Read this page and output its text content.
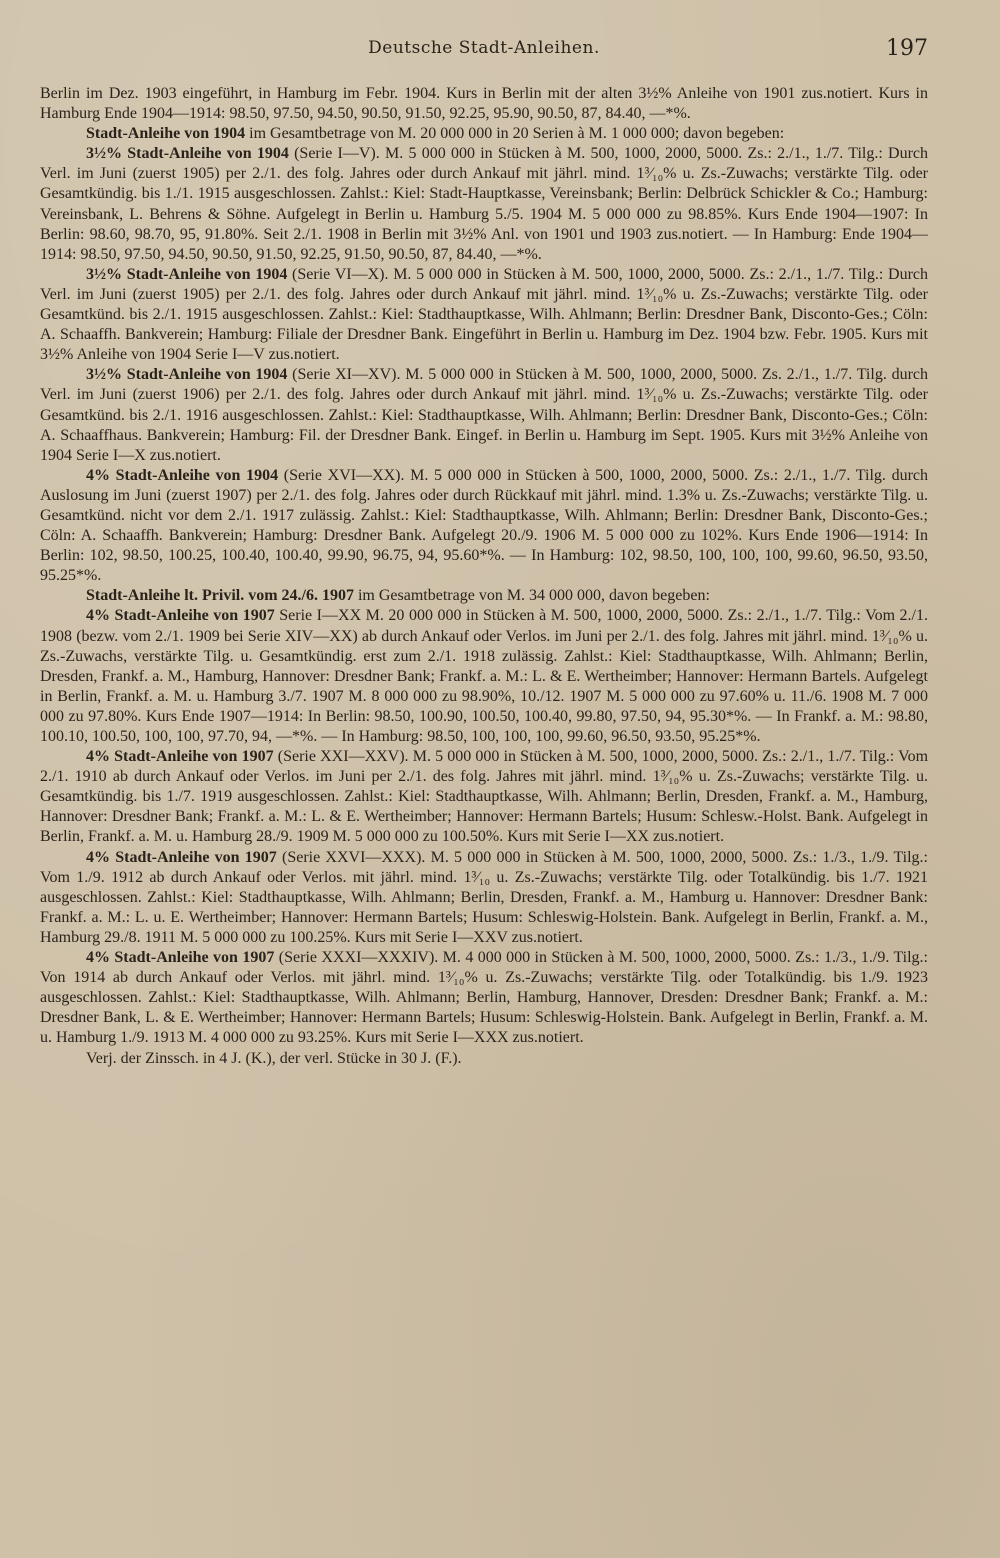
Deutsche Stadt-Anleihen.	197

Berlin im Dez. 1903 eingeführt, in Hamburg im Febr. 1904. Kurs in Berlin mit der alten 3½% Anleihe von 1901 zus.notiert. Kurs in Hamburg Ende 1904—1914: 98.50, 97.50, 94.50, 90.50, 91.50, 92.25, 95.90, 90.50, 87, 84.40, —*%.

Stadt-Anleihe von 1904 im Gesamtbetrage von M. 20 000 000 in 20 Serien à M. 1 000 000; davon begeben:

3½% Stadt-Anleihe von 1904 (Serie I—V). M. 5 000 000 in Stücken à M. 500, 1000, 2000, 5000. Zs.: 2./1., 1./7. Tilg.: Durch Verl. im Juni (zuerst 1905) per 2./1. des folg. Jahres oder durch Ankauf mit jährl. mind. 1³⁄₁₀% u. Zs.-Zuwachs; verstärkte Tilg. oder Gesamtkündig. bis 1./1. 1915 ausgeschlossen. Zahlst.: Kiel: Stadt-Hauptkasse, Vereinsbank; Berlin: Delbrück Schickler & Co.; Hamburg: Vereinsbank, L. Behrens & Söhne. Aufgelegt in Berlin u. Hamburg 5./5. 1904 M. 5 000 000 zu 98.85%. Kurs Ende 1904—1907: In Berlin: 98.60, 98.70, 95, 91.80%. Seit 2./1. 1908 in Berlin mit 3½% Anl. von 1901 und 1903 zus.notiert. — In Hamburg: Ende 1904—1914: 98.50, 97.50, 94.50, 90.50, 91.50, 92.25, 91.50, 90.50, 87, 84.40, —*%.

3½% Stadt-Anleihe von 1904 (Serie VI—X). M. 5 000 000 in Stücken à M. 500, 1000, 2000, 5000. Zs.: 2./1., 1./7. Tilg.: Durch Verl. im Juni (zuerst 1905) per 2./1. des folg. Jahres oder durch Ankauf mit jährl. mind. 1³⁄₁₀% u. Zs.-Zuwachs; verstärkte Tilg. oder Gesamtkünd. bis 2./1. 1915 ausgeschlossen. Zahlst.: Kiel: Stadthauptkasse, Wilh. Ahlmann; Berlin: Dresdner Bank, Disconto-Ges.; Cöln: A. Schaaffh. Bankverein; Hamburg: Filiale der Dresdner Bank. Eingeführt in Berlin u. Hamburg im Dez. 1904 bzw. Febr. 1905. Kurs mit 3½% Anleihe von 1904 Serie I—V zus.notiert.

3½% Stadt-Anleihe von 1904 (Serie XI—XV). M. 5 000 000 in Stücken à M. 500, 1000, 2000, 5000. Zs. 2./1., 1./7. Tilg. durch Verl. im Juni (zuerst 1906) per 2./1. des folg. Jahres oder durch Ankauf mit jährl. mind. 1³⁄₁₀% u. Zs.-Zuwachs; verstärkte Tilg. oder Gesamtkünd. bis 2./1. 1916 ausgeschlossen. Zahlst.: Kiel: Stadthauptkasse, Wilh. Ahlmann; Berlin: Dresdner Bank, Disconto-Ges.; Cöln: A. Schaaffhaus. Bankverein; Hamburg: Fil. der Dresdner Bank. Eingef. in Berlin u. Hamburg im Sept. 1905. Kurs mit 3½% Anleihe von 1904 Serie I—X zus.notiert.

4% Stadt-Anleihe von 1904 (Serie XVI—XX). M. 5 000 000 in Stücken à 500, 1000, 2000, 5000. Zs.: 2./1., 1./7. Tilg. durch Auslosung im Juni (zuerst 1907) per 2./1. des folg. Jahres oder durch Rückkauf mit jährl. mind. 1.3% u. Zs.-Zuwachs; verstärkte Tilg. u. Gesamtkünd. nicht vor dem 2./1. 1917 zulässig. Zahlst.: Kiel: Stadthauptkasse, Wilh. Ahlmann; Berlin: Dresdner Bank, Disconto-Ges.; Cöln: A. Schaaffh. Bankverein; Hamburg: Dresdner Bank. Aufgelegt 20./9. 1906 M. 5 000 000 zu 102%. Kurs Ende 1906—1914: In Berlin: 102, 98.50, 100.25, 100.40, 100.40, 99.90, 96.75, 94, 95.60*%. — In Hamburg: 102, 98.50, 100, 100, 100, 99.60, 96.50, 93.50, 95.25*%.

Stadt-Anleihe lt. Privil. vom 24./6. 1907 im Gesamtbetrage von M. 34 000 000, davon begeben:

4% Stadt-Anleihe von 1907 Serie I—XX M. 20 000 000 in Stücken à M. 500, 1000, 2000, 5000. Zs.: 2./1., 1./7. Tilg.: Vom 2./1. 1908 (bezw. vom 2./1. 1909 bei Serie XIV—XX) ab durch Ankauf oder Verlos. im Juni per 2./1. des folg. Jahres mit jährl. mind. 1³⁄₁₀% u. Zs.-Zuwachs, verstärkte Tilg. u. Gesamtkündig. erst zum 2./1. 1918 zulässig. Zahlst.: Kiel: Stadthauptkasse, Wilh. Ahlmann; Berlin, Dresden, Frankf. a. M., Hamburg, Hannover: Dresdner Bank; Frankf. a. M.: L. & E. Wertheimber; Hannover: Hermann Bartels. Aufgelegt in Berlin, Frankf. a. M. u. Hamburg 3./7. 1907 M. 8 000 000 zu 98.90%, 10./12. 1907 M. 5 000 000 zu 97.60% u. 11./6. 1908 M. 7 000 000 zu 97.80%. Kurs Ende 1907—1914: In Berlin: 98.50, 100.90, 100.50, 100.40, 99.80, 97.50, 94, 95.30*%. — In Frankf. a. M.: 98.80, 100.10, 100.50, 100, 100, 97.70, 94, —*%. — In Hamburg: 98.50, 100, 100, 100, 99.60, 96.50, 93.50, 95.25*%.

4% Stadt-Anleihe von 1907 (Serie XXI—XXV). M. 5 000 000 in Stücken à M. 500, 1000, 2000, 5000. Zs.: 2./1., 1./7. Tilg.: Vom 2./1. 1910 ab durch Ankauf oder Verlos. im Juni per 2./1. des folg. Jahres mit jährl. mind. 1³⁄₁₀% u. Zs.-Zuwachs; verstärkte Tilg. u. Gesamtkündig. bis 1./7. 1919 ausgeschlossen. Zahlst.: Kiel: Stadthauptkasse, Wilh. Ahlmann; Berlin, Dresden, Frankf. a. M., Hamburg, Hannover: Dresdner Bank; Frankf. a. M.: L. & E. Wertheimber; Hannover: Hermann Bartels; Husum: Schlesw.-Holst. Bank. Aufgelegt in Berlin, Frankf. a. M. u. Hamburg 28./9. 1909 M. 5 000 000 zu 100.50%. Kurs mit Serie I—XX zus.notiert.

4% Stadt-Anleihe von 1907 (Serie XXVI—XXX). M. 5 000 000 in Stücken à M. 500, 1000, 2000, 5000. Zs.: 1./3., 1./9. Tilg.: Vom 1./9. 1912 ab durch Ankauf oder Verlos. mit jährl. mind. 1³⁄₁₀ u. Zs.-Zuwachs; verstärkte Tilg. oder Totalkündig. bis 1./7. 1921 ausgeschlossen. Zahlst.: Kiel: Stadthauptkasse, Wilh. Ahlmann; Berlin, Dresden, Frankf. a. M., Hamburg u. Hannover: Dresdner Bank: Frankf. a. M.: L. u. E. Wertheimber; Hannover: Hermann Bartels; Husum: Schleswig-Holstein. Bank. Aufgelegt in Berlin, Frankf. a. M., Hamburg 29./8. 1911 M. 5 000 000 zu 100.25%. Kurs mit Serie I—XXV zus.notiert.

4% Stadt-Anleihe von 1907 (Serie XXXI—XXXIV). M. 4 000 000 in Stücken à M. 500, 1000, 2000, 5000. Zs.: 1./3., 1./9. Tilg.: Von 1914 ab durch Ankauf oder Verlos. mit jährl. mind. 1³⁄₁₀% u. Zs.-Zuwachs; verstärkte Tilg. oder Totalkündig. bis 1./9. 1923 ausgeschlossen. Zahlst.: Kiel: Stadthauptkasse, Wilh. Ahlmann; Berlin, Hamburg, Hannover, Dresden: Dresdner Bank; Frankf. a. M.: Dresdner Bank, L. & E. Wertheimber; Hannover: Hermann Bartels; Husum: Schleswig-Holstein. Bank. Aufgelegt in Berlin, Frankf. a. M. u. Hamburg 1./9. 1913 M. 4 000 000 zu 93.25%. Kurs mit Serie I—XXX zus.notiert.

Verj. der Zinssch. in 4 J. (K.), der verl. Stücke in 30 J. (F.).
